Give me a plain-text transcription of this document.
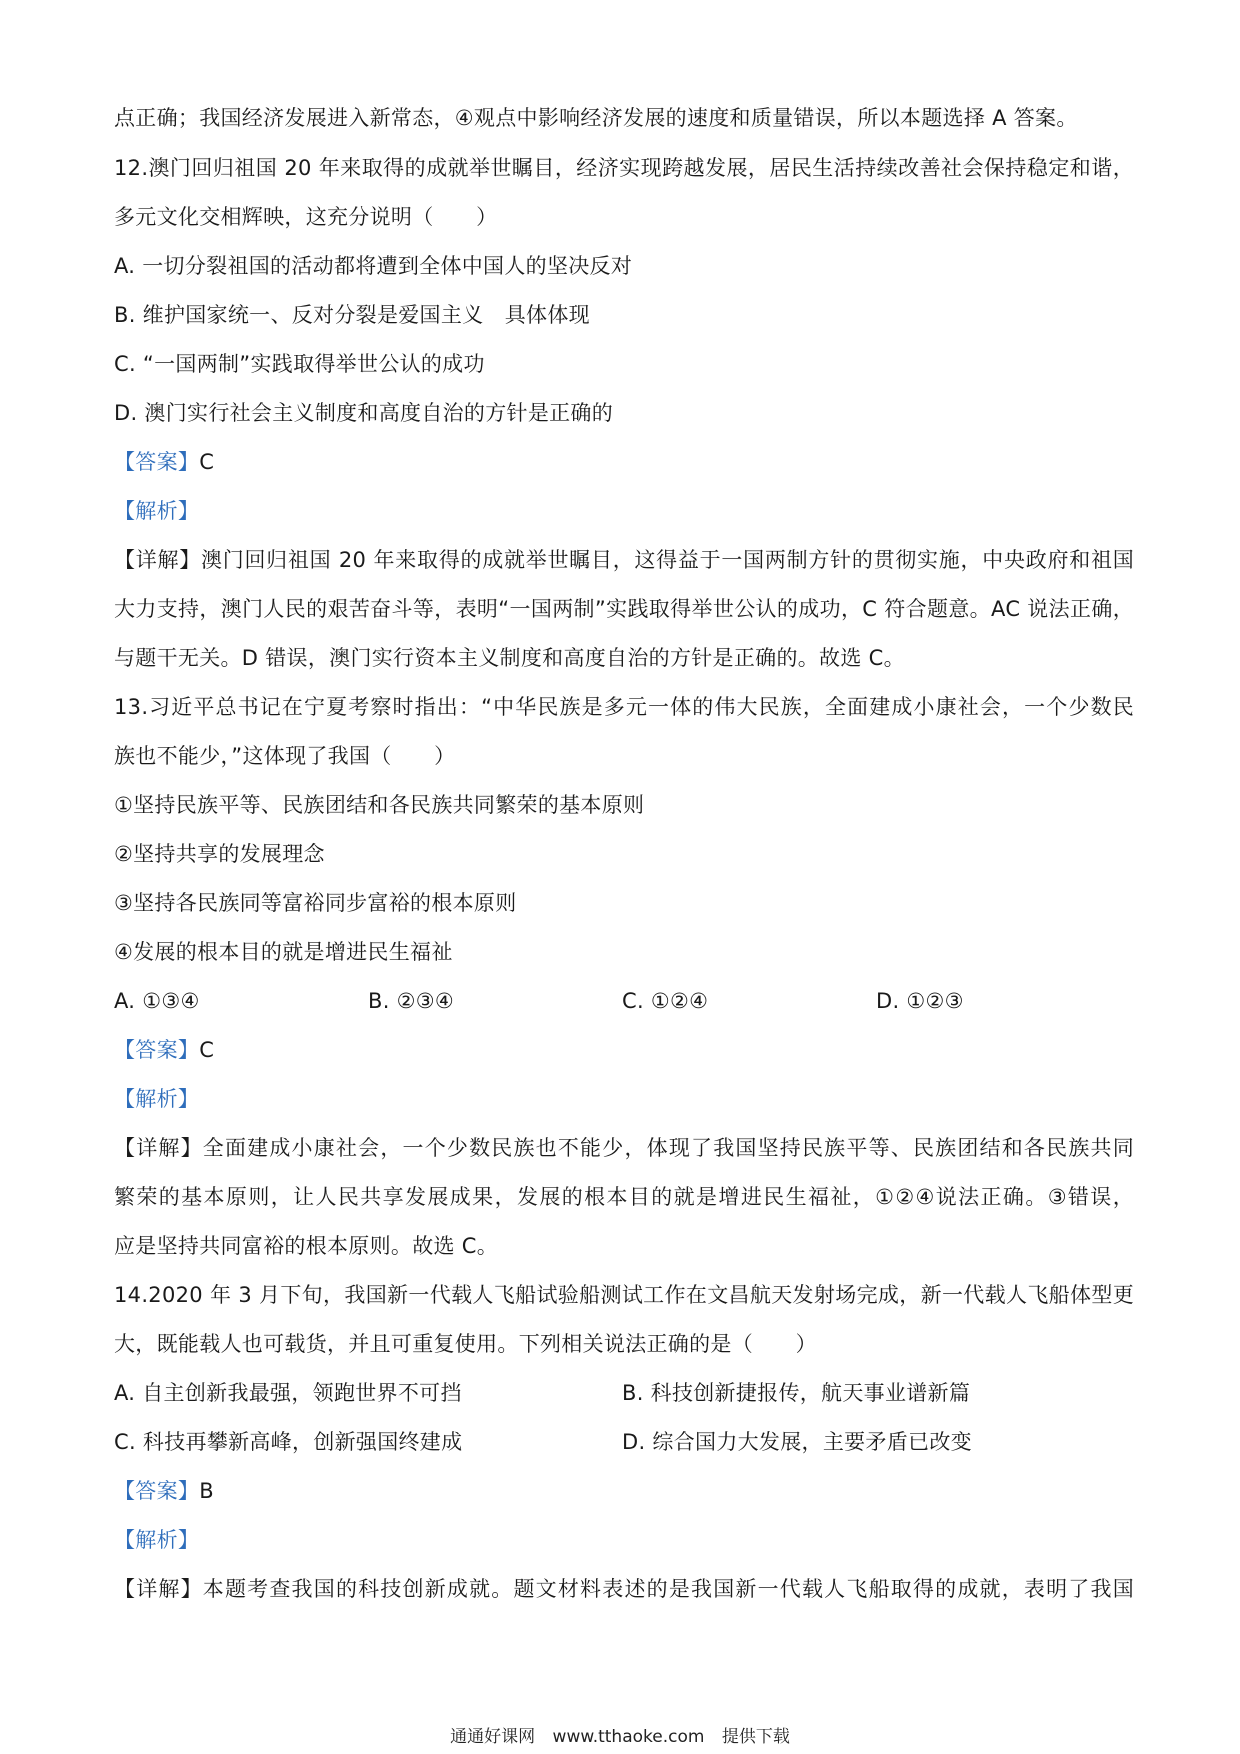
点正确；我国经济发展进入新常态，④观点中影响经济发展的速度和质量错误，所以本题选择 A 答案。
12.澳门回归祖国 20 年来取得的成就举世瞩目，经济实现跨越发展，居民生活持续改善社会保持稳定和谐，
多元文化交相辉映，这充分说明（　　）
A. 一切分裂祖国的活动都将遭到全体中国人的坚决反对
B. 维护国家统一、反对分裂是爱国主义　具体体现
C. “一国两制”实践取得举世公认的成功
D. 澳门实行社会主义制度和高度自治的方针是正确的
【答案】C
【解析】
【详解】澳门回归祖国 20 年来取得的成就举世瞩目，这得益于一国两制方针的贯彻实施，中央政府和祖国
大力支持，澳门人民的艰苦奋斗等，表明“一国两制”实践取得举世公认的成功，C 符合题意。AC 说法正确，
与题干无关。D 错误，澳门实行资本主义制度和高度自治的方针是正确的。故选 C。
13.习近平总书记在宁夏考察时指出：“中华民族是多元一体的伟大民族，全面建成小康社会，一个少数民
族也不能少，”这体现了我国（　　）
①坚持民族平等、民族团结和各民族共同繁荣的基本原则
②坚持共享的发展理念
③坚持各民族同等富裕同步富裕的根本原则
④发展的根本目的就是增进民生福祉
A. ①③④	B. ②③④	C. ①②④	D. ①②③
【答案】C
【解析】
【详解】全面建成小康社会，一个少数民族也不能少，体现了我国坚持民族平等、民族团结和各民族共同
繁荣的基本原则，让人民共享发展成果，发展的根本目的就是增进民生福祉，①②④说法正确。③错误，
应是坚持共同富裕的根本原则。故选 C。
14.2020 年 3 月下旬，我国新一代载人飞船试验船测试工作在文昌航天发射场完成，新一代载人飞船体型更
大，既能载人也可载货，并且可重复使用。下列相关说法正确的是（　　）
A. 自主创新我最强，领跑世界不可挡	B. 科技创新捷报传，航天事业谱新篇
C. 科技再攀新高峰，创新强国终建成	D. 综合国力大发展，主要矛盾已改变
【答案】B
【解析】
【详解】本题考查我国的科技创新成就。题文材料表述的是我国新一代载人飞船取得的成就，表明了我国
通通好课网 www.tthaoke.com 提供下载
